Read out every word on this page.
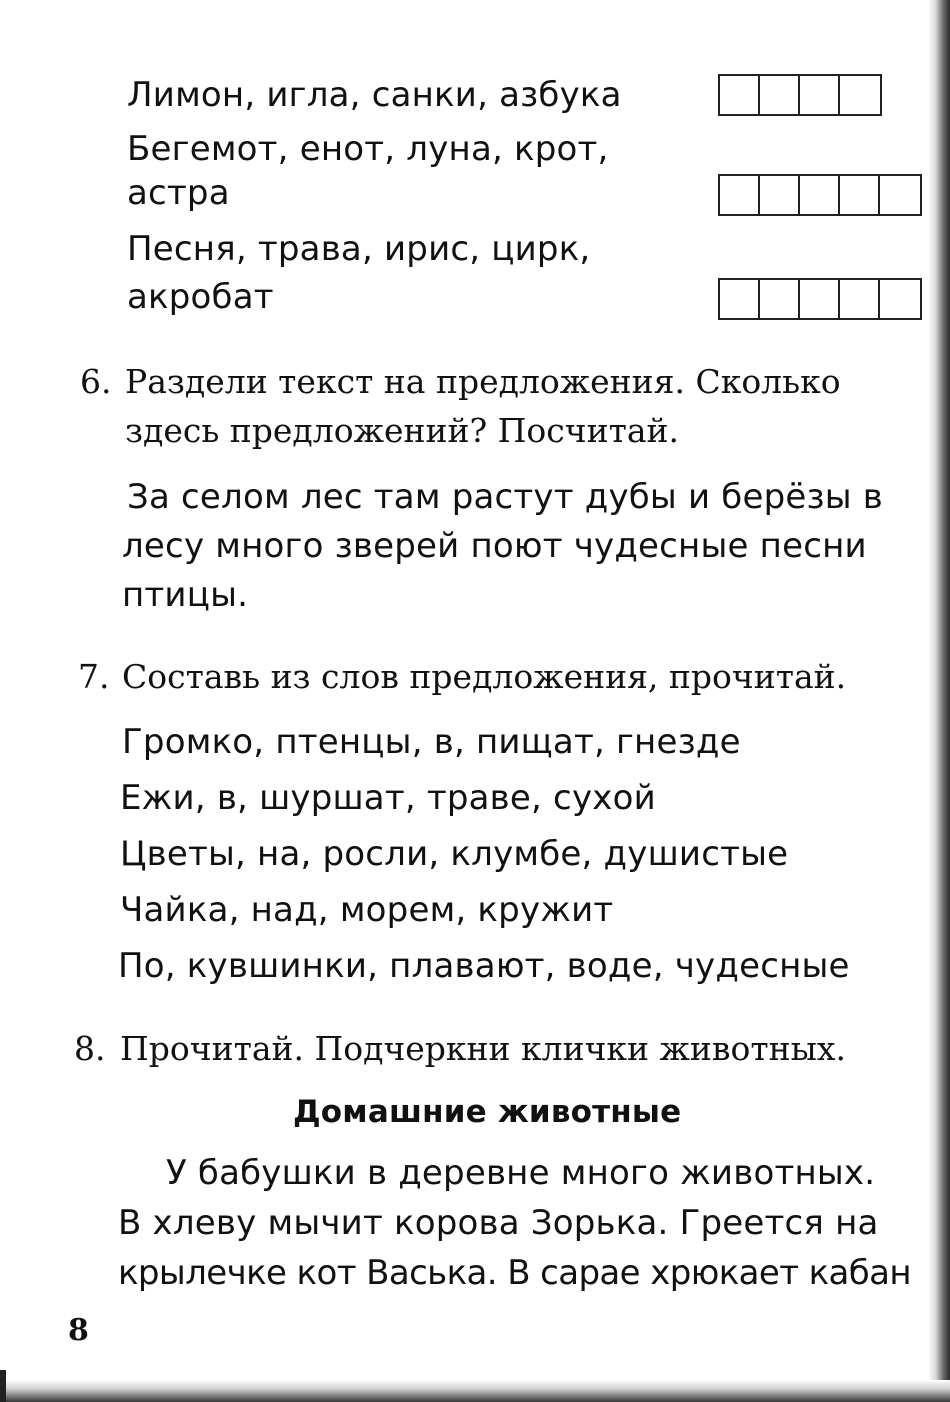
Лимон, игла, санки, азбука
Бегемот, енот, луна, крот,
астра
Песня, трава, ирис, цирк,
акробат
6. Раздели текст на предложения. Сколько
здесь предложений? Посчитай.
За селом лес там растут дубы и берёзы в
лесу много зверей поют чудесные песни
птицы.
7. Составь из слов предложения, прочитай.
Громко, птенцы, в, пищат, гнезде
Ежи, в, шуршат, траве, сухой
Цветы, на, росли, клумбе, душистые
Чайка, над, морем, кружит
По, кувшинки, плавают, воде, чудесные
8. Прочитай. Подчеркни клички животных.
Домашние животные
У бабушки в деревне много животных.
В хлеву мычит корова Зорька. Греется на
крылечке кот Васька. В сарае хрюкает кабан
8
